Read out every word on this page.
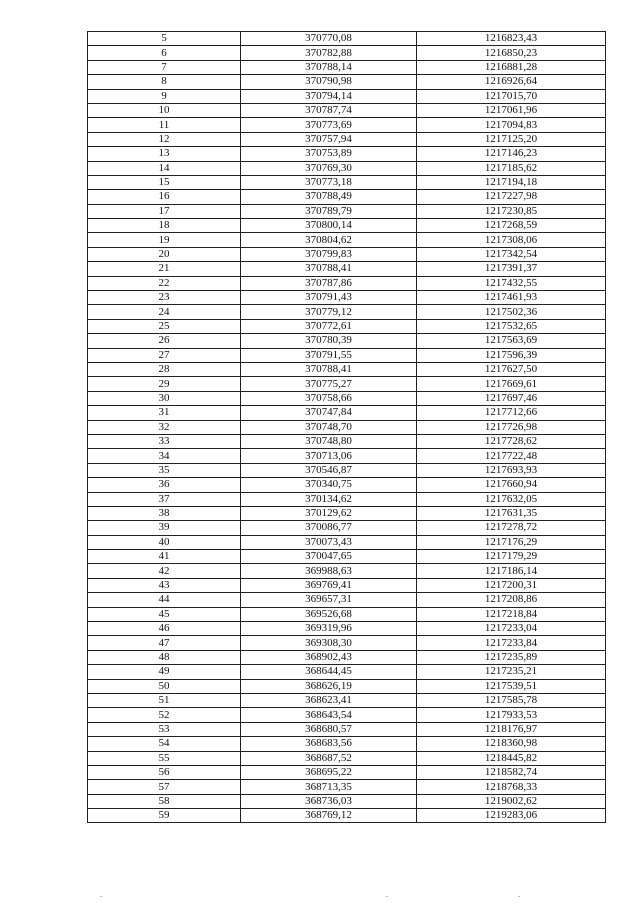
5	370770,08	1216823,43
6	370782,88	1216850,23
7	370788,14	1216881,28
8	370790,98	1216926,64
9	370794,14	1217015,70
10	370787,74	1217061,96
11	370773,69	1217094,83
12	370757,94	1217125,20
13	370753,89	1217146,23
14	370769,30	1217185,62
15	370773,18	1217194,18
16	370788,49	1217227,98
17	370789,79	1217230,85
18	370800,14	1217268,59
19	370804,62	1217308,06
20	370799,83	1217342,54
21	370788,41	1217391,37
22	370787,86	1217432,55
23	370791,43	1217461,93
24	370779,12	1217502,36
25	370772,61	1217532,65
26	370780,39	1217563,69
27	370791,55	1217596,39
28	370788,41	1217627,50
29	370775,27	1217669,61
30	370758,66	1217697,46
31	370747,84	1217712,66
32	370748,70	1217726,98
33	370748,80	1217728,62
34	370713,06	1217722,48
35	370546,87	1217693,93
36	370340,75	1217660,94
37	370134,62	1217632,05
38	370129,62	1217631,35
39	370086,77	1217278,72
40	370073,43	1217176,29
41	370047,65	1217179,29
42	369988,63	1217186,14
43	369769,41	1217200,31
44	369657,31	1217208,86
45	369526,68	1217218,84
46	369319,96	1217233,04
47	369308,30	1217233,84
48	368902,43	1217235,89
49	368644,45	1217235,21
50	368626,19	1217539,51
51	368623,41	1217585,78
52	368643,54	1217933,53
53	368680,57	1218176,97
54	368683,56	1218360,98
55	368687,52	1218445,82
56	368695,22	1218582,74
57	368713,35	1218768,33
58	368736,03	1219002,62
59	368769,12	1219283,06
